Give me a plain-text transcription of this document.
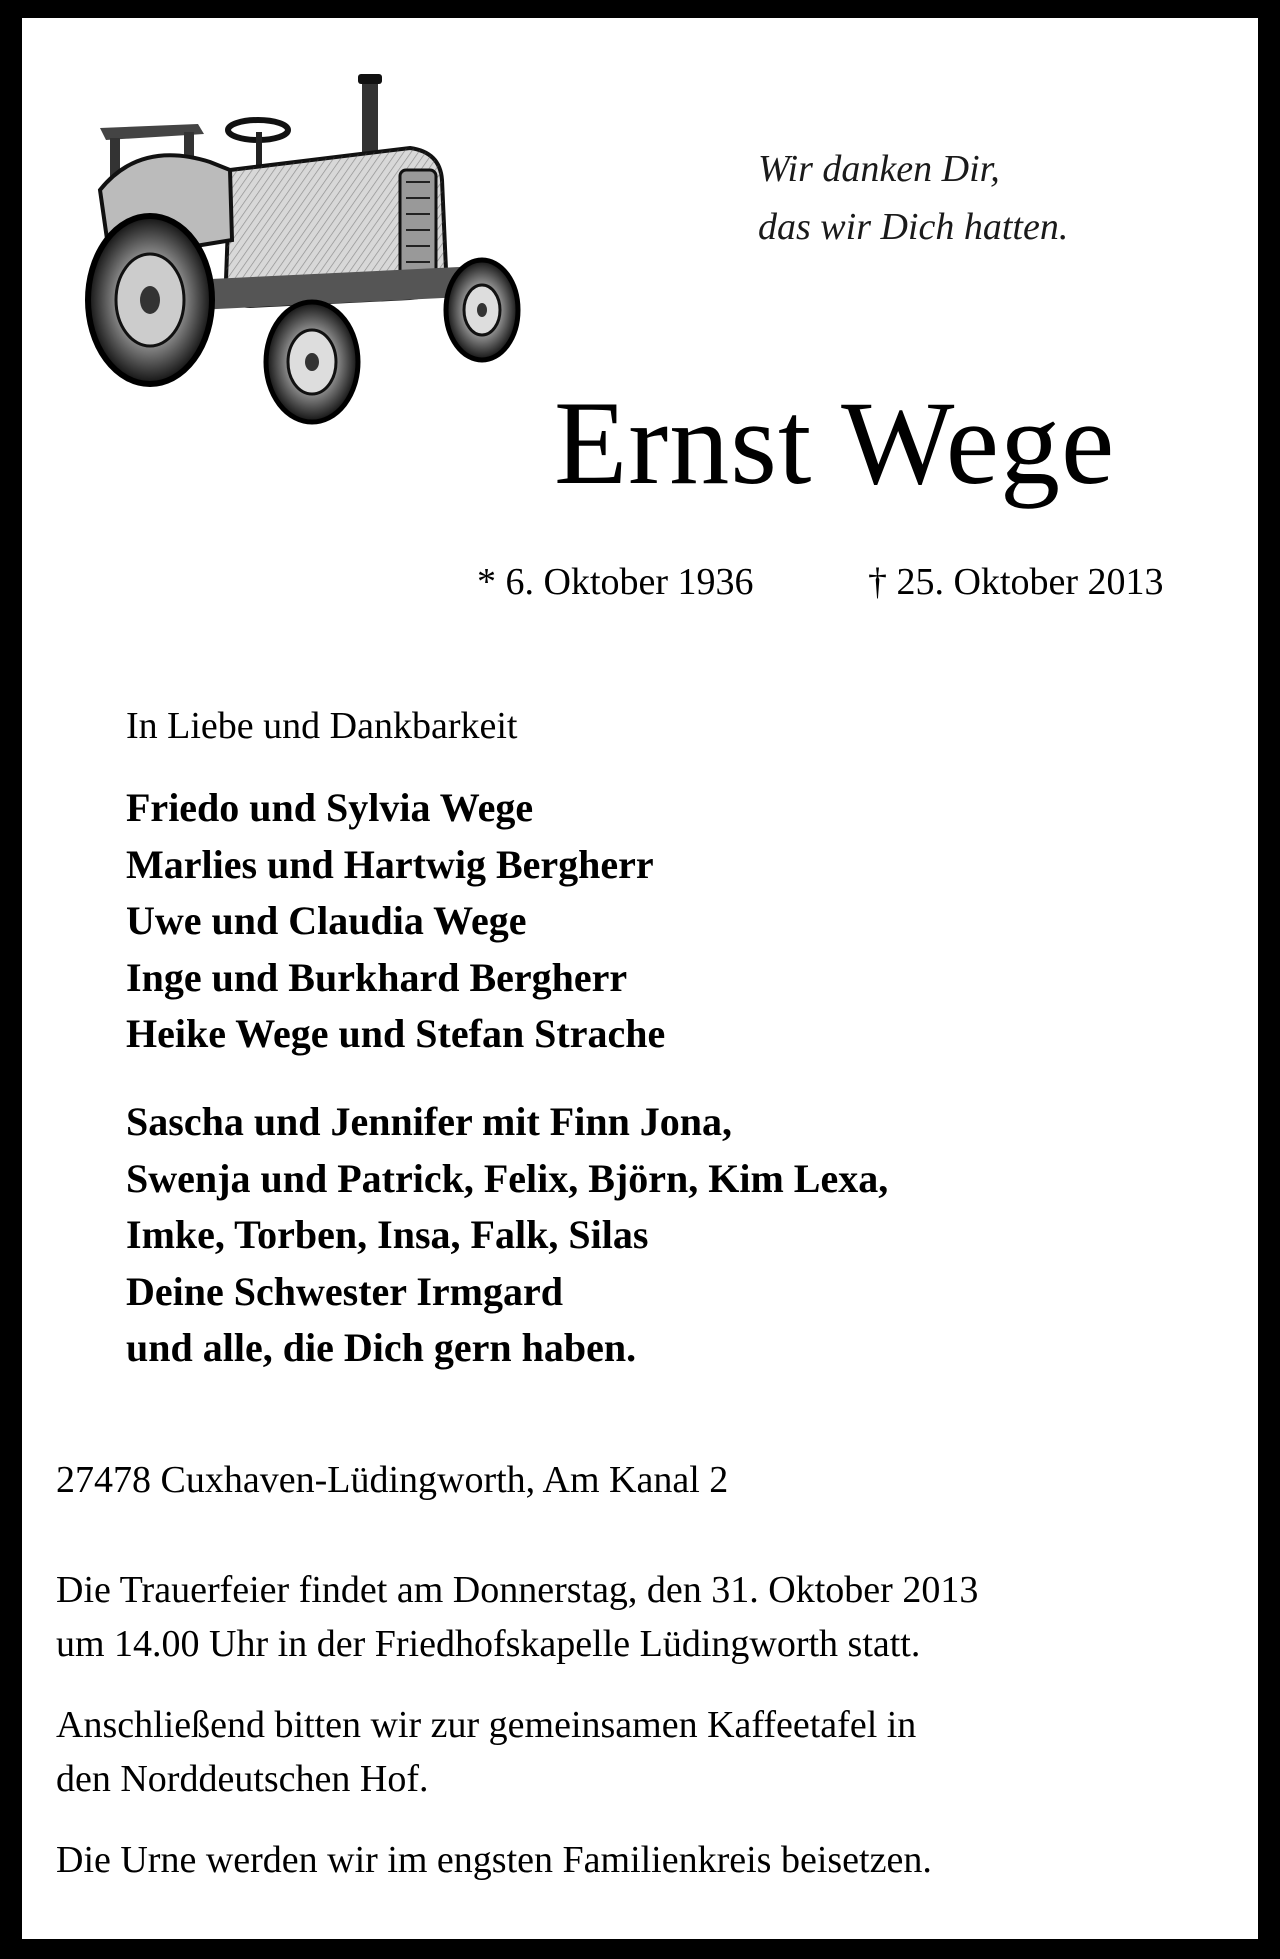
Wir danken Dir,
das wir Dich hatten.
Ernst Wege
* 6. Oktober 1936	† 25. Oktober 2013
In Liebe und Dankbarkeit
Friedo und Sylvia Wege
Marlies und Hartwig Bergherr
Uwe und Claudia Wege
Inge und Burkhard Bergherr
Heike Wege und Stefan Strache
Sascha und Jennifer mit Finn Jona,
Swenja und Patrick, Felix, Björn, Kim Lexa,
Imke, Torben, Insa, Falk, Silas
Deine Schwester Irmgard
und alle, die Dich gern haben.
27478 Cuxhaven-Lüdingworth, Am Kanal 2
Die Trauerfeier findet am Donnerstag, den 31. Oktober 2013
um 14.00 Uhr in der Friedhofskapelle Lüdingworth statt.
Anschließend bitten wir zur gemeinsamen Kaffeetafel in
den Norddeutschen Hof.
Die Urne werden wir im engsten Familienkreis beisetzen.
